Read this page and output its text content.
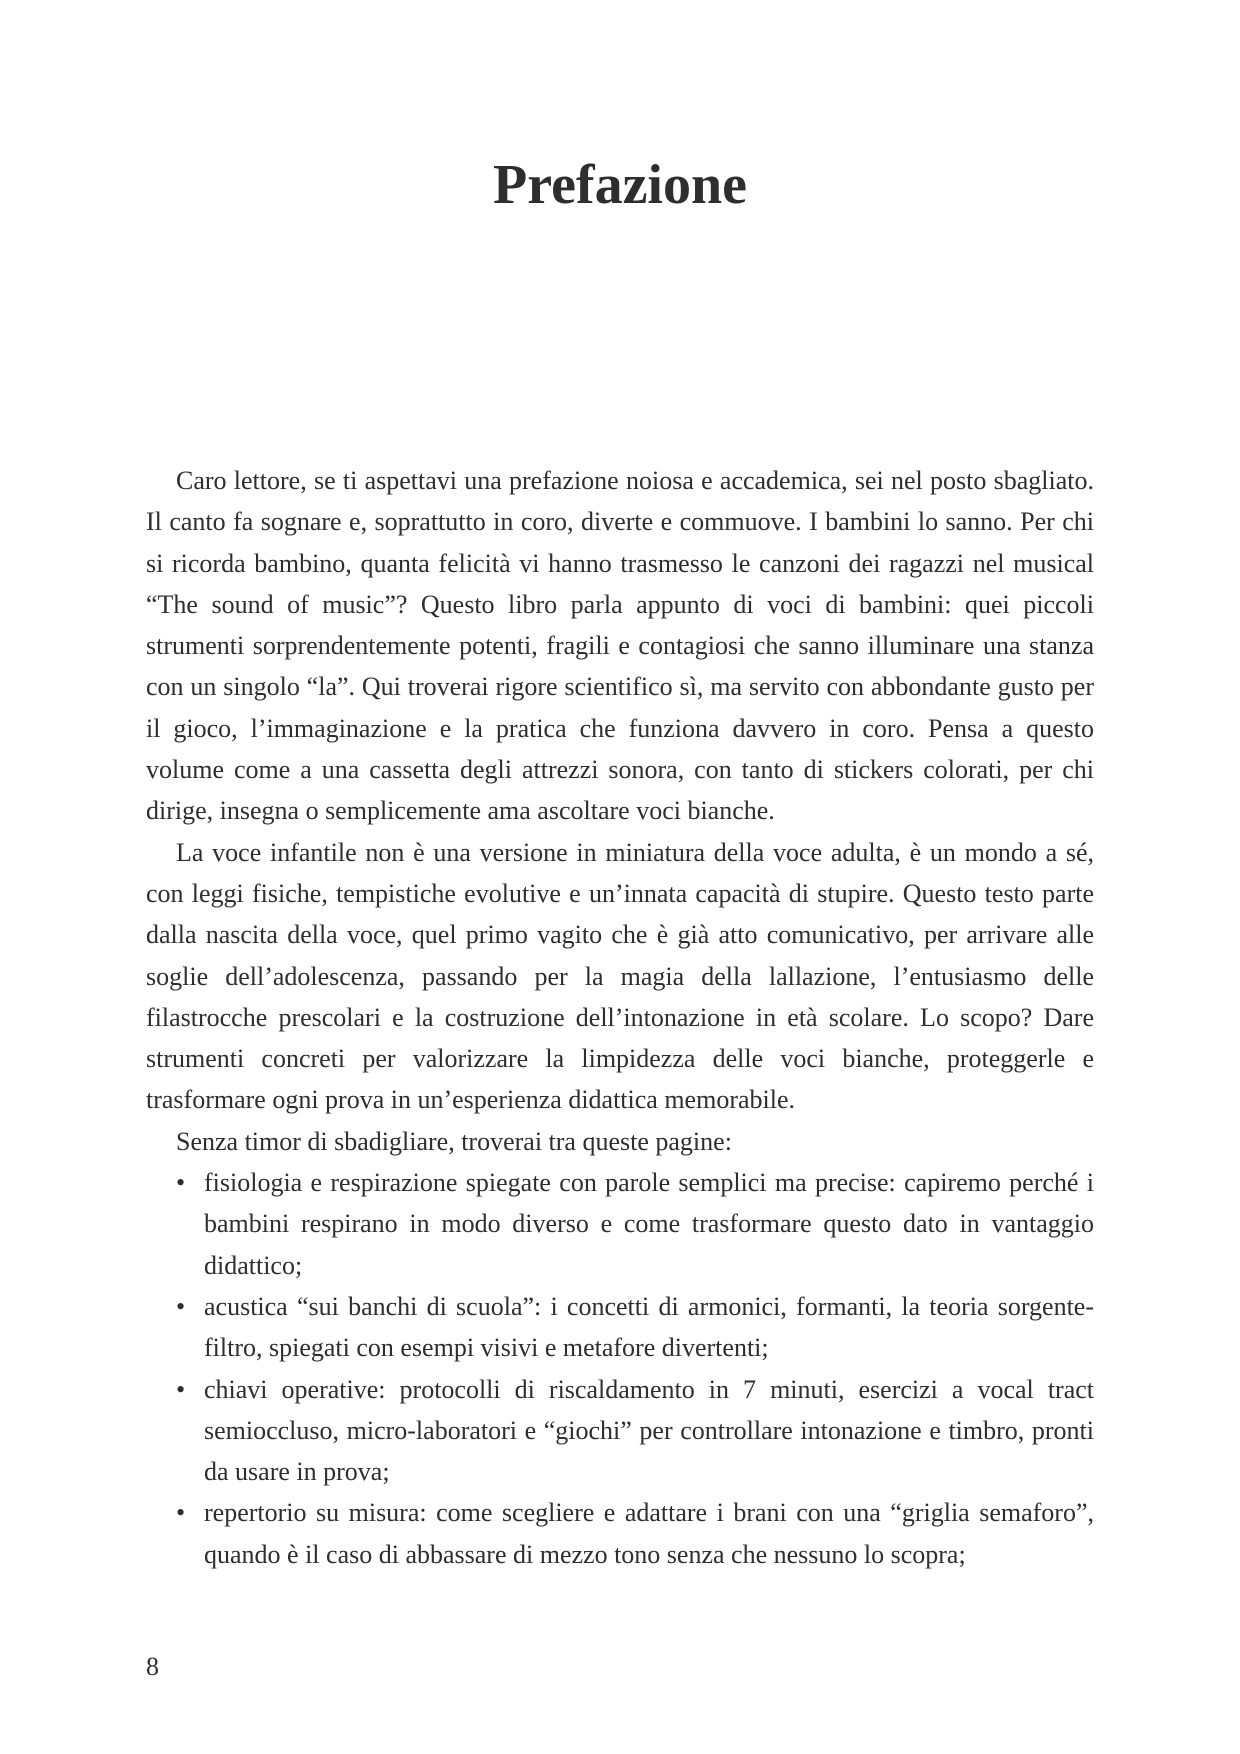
Prefazione

Caro lettore, se ti aspettavi una prefazione noiosa e accademica, sei nel posto sbagliato. Il canto fa sognare e, soprattutto in coro, diverte e commuove. I bambini lo sanno. Per chi si ricorda bambino, quanta felicità vi hanno trasmesso le canzoni dei ragazzi nel musical “The sound of music”? Questo libro parla appunto di voci di bambini: quei piccoli strumenti sorprendentemente potenti, fragili e contagiosi che sanno illuminare una stanza con un singolo “la”. Qui troverai rigore scientifico sì, ma servito con abbondante gusto per il gioco, l’immaginazione e la pratica che funziona davvero in coro. Pensa a questo volume come a una cassetta degli attrezzi sonora, con tanto di stickers colorati, per chi dirige, insegna o semplicemente ama ascoltare voci bianche.

La voce infantile non è una versione in miniatura della voce adulta, è un mondo a sé, con leggi fisiche, tempistiche evolutive e un’innata capacità di stupire. Questo testo parte dalla nascita della voce, quel primo vagito che è già atto comunicativo, per arrivare alle soglie dell’adolescenza, passando per la magia della lallazione, l’entusiasmo delle filastrocche prescolari e la costruzione dell’intonazione in età scolare. Lo scopo? Dare strumenti concreti per valorizzare la limpidezza delle voci bianche, proteggerle e trasformare ogni prova in un’esperienza didattica memorabile.

Senza timor di sbadigliare, troverai tra queste pagine:

• fisiologia e respirazione spiegate con parole semplici ma precise: capiremo perché i bambini respirano in modo diverso e come trasformare questo dato in vantaggio didattico;
• acustica “sui banchi di scuola”: i concetti di armonici, formanti, la teoria sorgente-filtro, spiegati con esempi visivi e metafore divertenti;
• chiavi operative: protocolli di riscaldamento in 7 minuti, esercizi a vocal tract semioccluso, micro-laboratori e “giochi” per controllare intonazione e timbro, pronti da usare in prova;
• repertorio su misura: come scegliere e adattare i brani con una “griglia semaforo”, quando è il caso di abbassare di mezzo tono senza che nessuno lo scopra;
8
